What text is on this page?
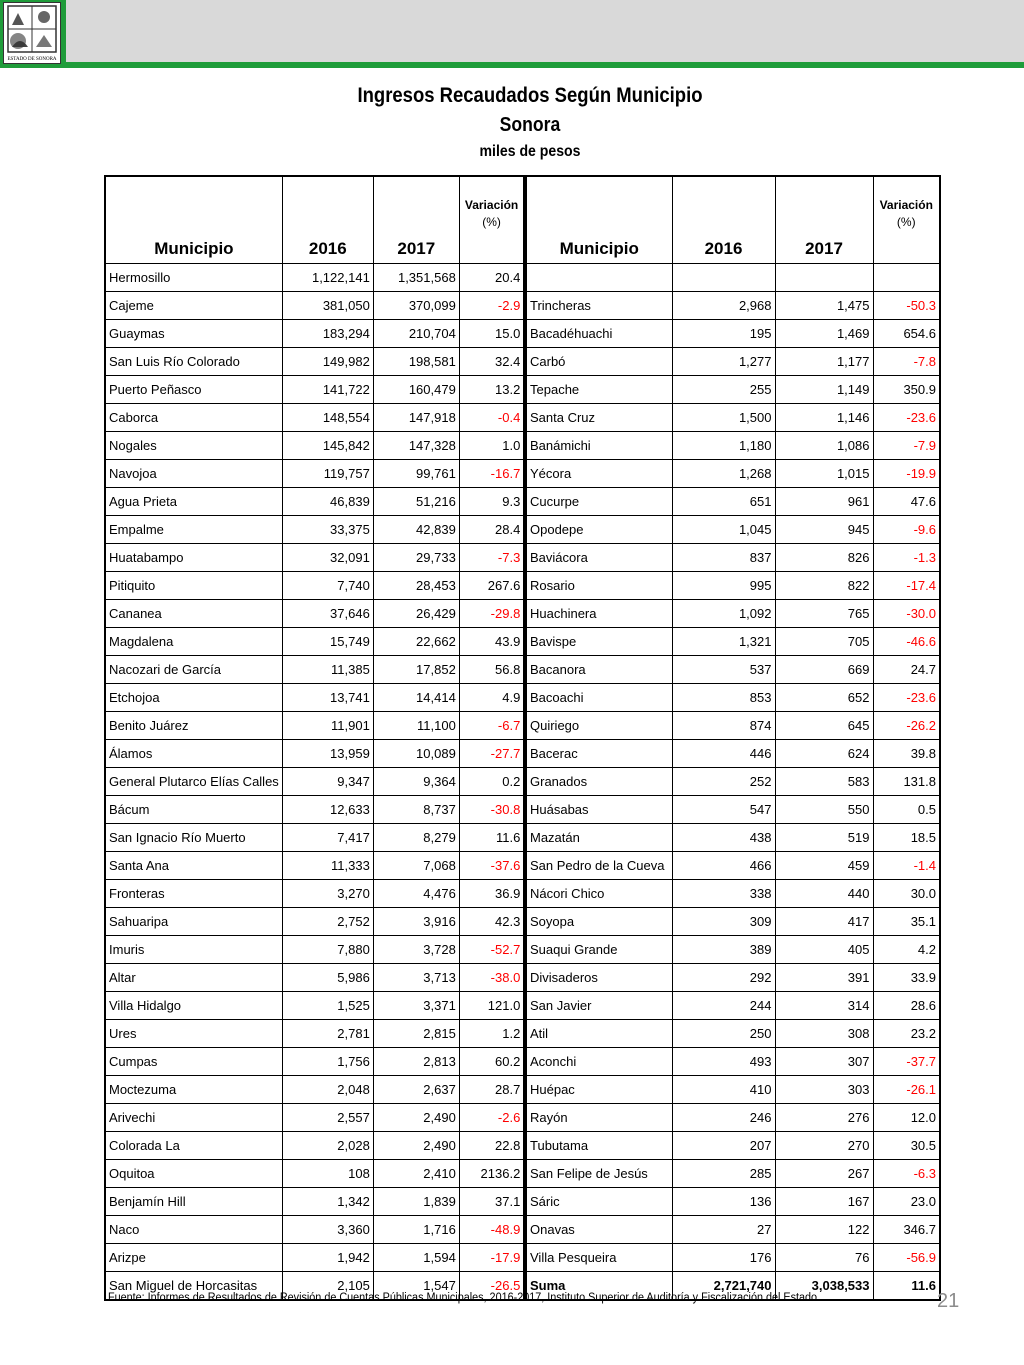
ESTADO DE SONORA
Ingresos Recaudados Según Municipio
Sonora
miles de pesos
Municipio	2016	2017	Variación
(%)
Hermosillo	1,122,141	1,351,568	20.4
Cajeme	381,050	370,099	-2.9
Guaymas	183,294	210,704	15.0
San Luis Río Colorado	149,982	198,581	32.4
Puerto Peñasco	141,722	160,479	13.2
Caborca	148,554	147,918	-0.4
Nogales	145,842	147,328	1.0
Navojoa	119,757	99,761	-16.7
Agua Prieta	46,839	51,216	9.3
Empalme	33,375	42,839	28.4
Huatabampo	32,091	29,733	-7.3
Pitiquito	7,740	28,453	267.6
Cananea	37,646	26,429	-29.8
Magdalena	15,749	22,662	43.9
Nacozari de García	11,385	17,852	56.8
Etchojoa	13,741	14,414	4.9
Benito Juárez	11,901	11,100	-6.7
Álamos	13,959	10,089	-27.7
General Plutarco Elías Calles	9,347	9,364	0.2
Bácum	12,633	8,737	-30.8
San Ignacio Río Muerto	7,417	8,279	11.6
Santa Ana	11,333	7,068	-37.6
Fronteras	3,270	4,476	36.9
Sahuaripa	2,752	3,916	42.3
Imuris	7,880	3,728	-52.7
Altar	5,986	3,713	-38.0
Villa Hidalgo	1,525	3,371	121.0
Ures	2,781	2,815	1.2
Cumpas	1,756	2,813	60.2
Moctezuma	2,048	2,637	28.7
Arivechi	2,557	2,490	-2.6
Colorada La	2,028	2,490	22.8
Oquitoa	108	2,410	2136.2
Benjamín Hill	1,342	1,839	37.1
Naco	3,360	1,716	-48.9
Arizpe	1,942	1,594	-17.9
San Miguel de Horcasitas	2,105	1,547	-26.5
Municipio	2016	2017	Variación
(%)

Trincheras	2,968	1,475	-50.3
Bacadéhuachi	195	1,469	654.6
Carbó	1,277	1,177	-7.8
Tepache	255	1,149	350.9
Santa Cruz	1,500	1,146	-23.6
Banámichi	1,180	1,086	-7.9
Yécora	1,268	1,015	-19.9
Cucurpe	651	961	47.6
Opodepe	1,045	945	-9.6
Baviácora	837	826	-1.3
Rosario	995	822	-17.4
Huachinera	1,092	765	-30.0
Bavispe	1,321	705	-46.6
Bacanora	537	669	24.7
Bacoachi	853	652	-23.6
Quiriego	874	645	-26.2
Bacerac	446	624	39.8
Granados	252	583	131.8
Huásabas	547	550	0.5
Mazatán	438	519	18.5
San Pedro de la Cueva	466	459	-1.4
Nácori Chico	338	440	30.0
Soyopa	309	417	35.1
Suaqui Grande	389	405	4.2
Divisaderos	292	391	33.9
San Javier	244	314	28.6
Atil	250	308	23.2
Aconchi	493	307	-37.7
Huépac	410	303	-26.1
Rayón	246	276	12.0
Tubutama	207	270	30.5
San Felipe de Jesús	285	267	-6.3
Sáric	136	167	23.0
Onavas	27	122	346.7
Villa Pesqueira	176	76	-56.9
Suma	2,721,740	3,038,533	11.6
Fuente: Informes de Resultados de Revisión de Cuentas Públicas Municipales, 2016-2017, Instituto Superior de Auditoría y Fiscalización del Estado.	21
